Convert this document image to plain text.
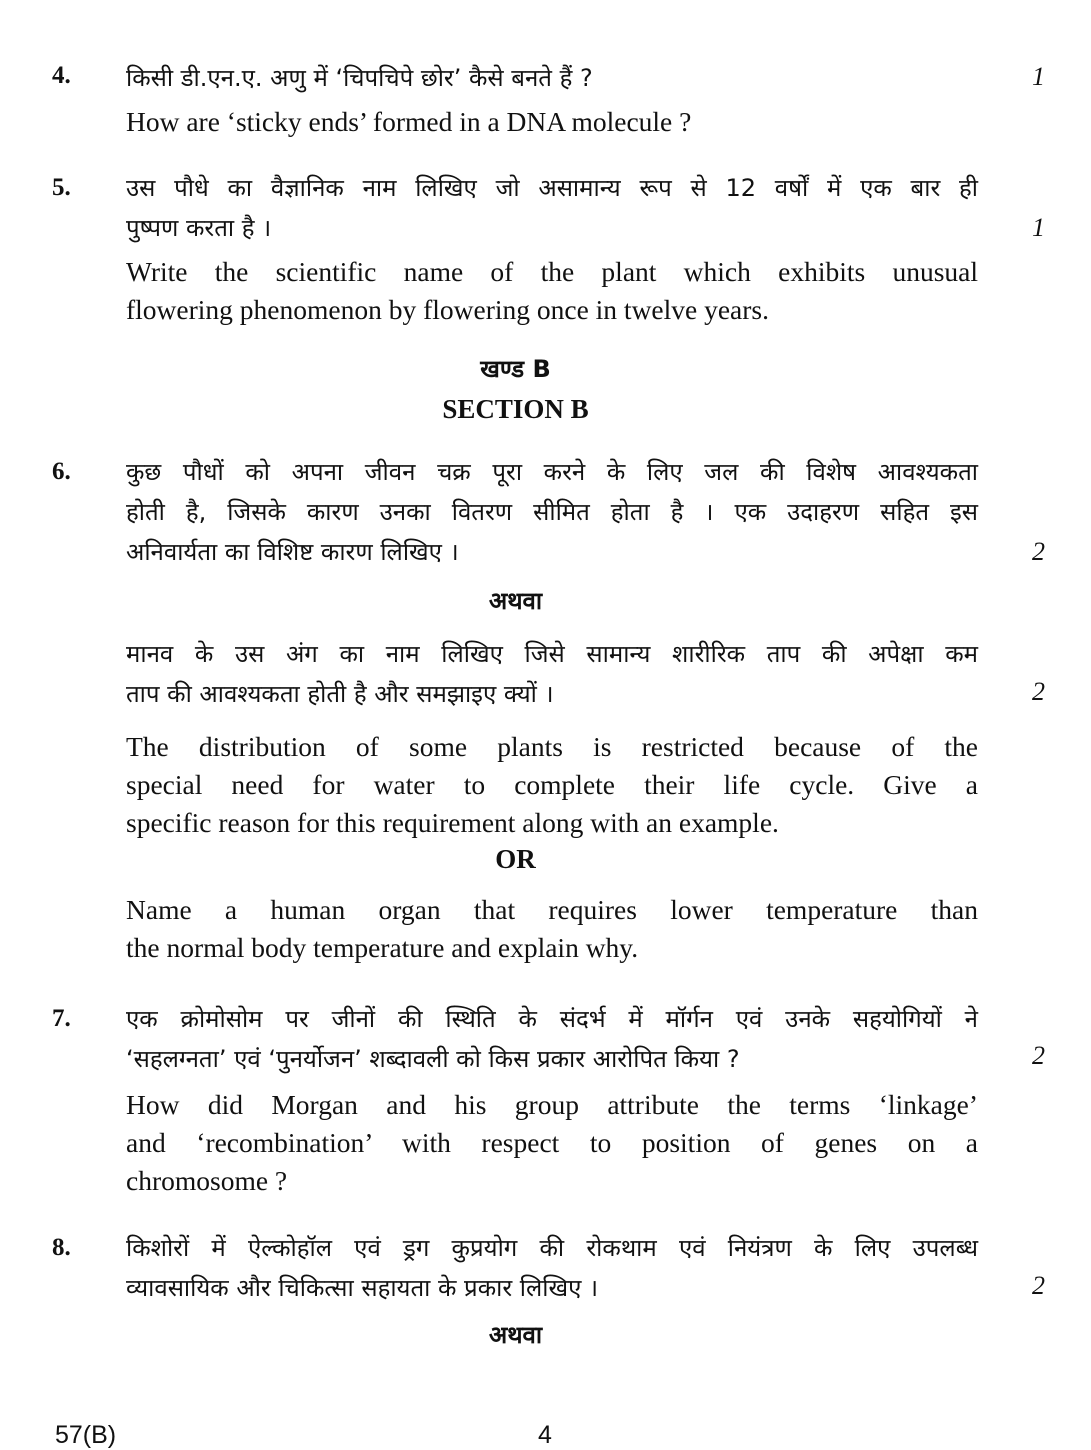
4. किसी डी.एन.ए. अणु में ‘चिपचिपे छोर’ कैसे बनते हैं ?	1
How are ‘sticky ends’ formed in a DNA molecule ?
5. उस पौधे का वैज्ञानिक नाम लिखिए जो असामान्य रूप से 12 वर्षों में एक बार ही
पुष्पण करता है ।	1
Write the scientific name of the plant which exhibits unusual
flowering phenomenon by flowering once in twelve years.
खण्ड B
SECTION B
6. कुछ पौधों को अपना जीवन चक्र पूरा करने के लिए जल की विशेष आवश्यकता
होती है, जिसके कारण उनका वितरण सीमित होता है । एक उदाहरण सहित इस
अनिवार्यता का विशिष्ट कारण लिखिए ।	2
अथवा
मानव के उस अंग का नाम लिखिए जिसे सामान्य शारीरिक ताप की अपेक्षा कम
ताप की आवश्यकता होती है और समझाइए क्यों ।	2
The distribution of some plants is restricted because of the
special need for water to complete their life cycle. Give a
specific reason for this requirement along with an example.
OR
Name a human organ that requires lower temperature than
the normal body temperature and explain why.
7. एक क्रोमोसोम पर जीनों की स्थिति के संदर्भ में मॉर्गन एवं उनके सहयोगियों ने
‘सहलग्नता’ एवं ‘पुनर्योजन’ शब्दावली को किस प्रकार आरोपित किया ?	2
How did Morgan and his group attribute the terms ‘linkage’
and ‘recombination’ with respect to position of genes on a
chromosome ?
8. किशोरों में ऐल्कोहॉल एवं ड्रग कुप्रयोग की रोकथाम एवं नियंत्रण के लिए उपलब्ध
व्यावसायिक और चिकित्सा सहायता के प्रकार लिखिए ।	2
अथवा
57(B)	4
